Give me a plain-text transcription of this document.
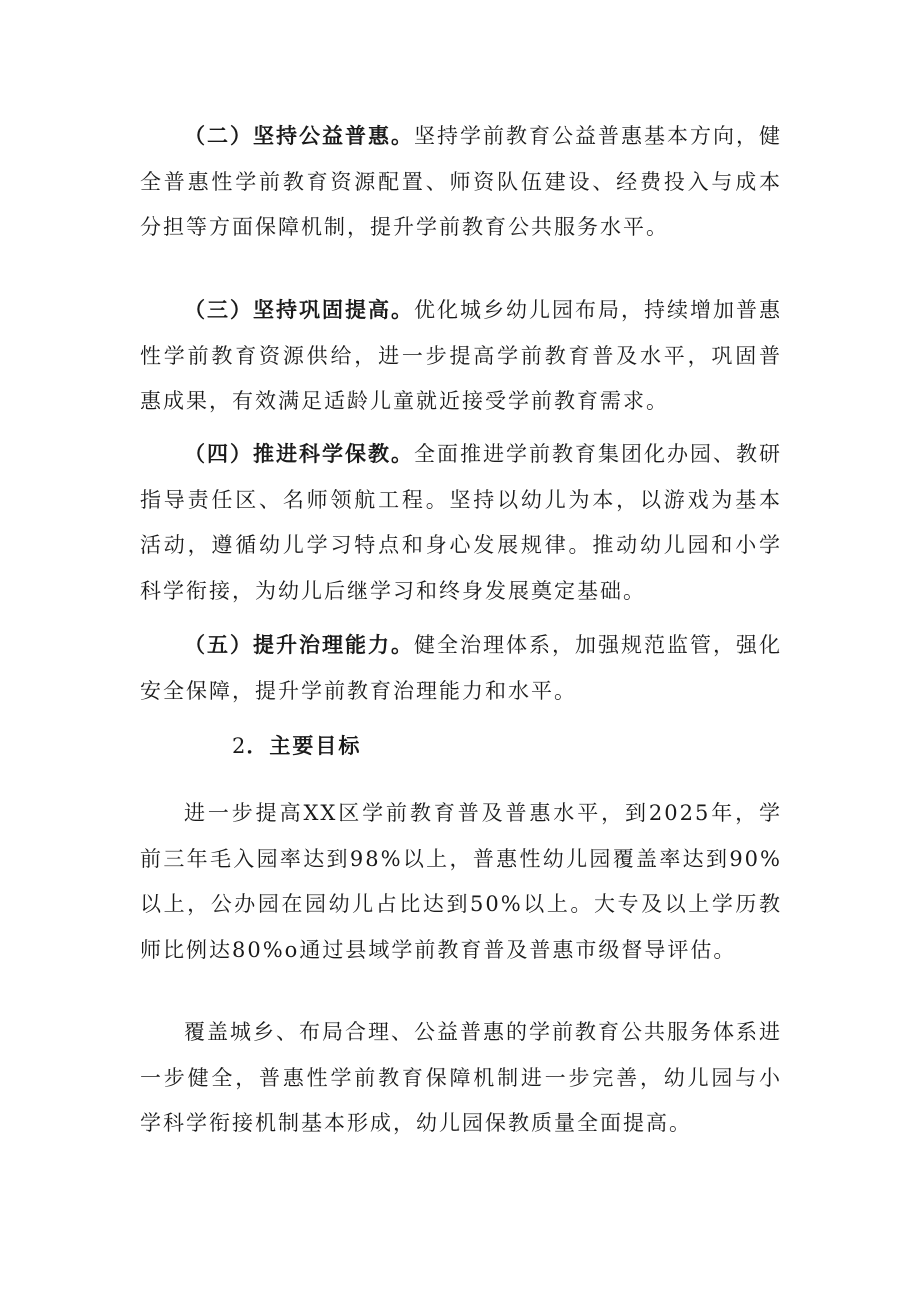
（二）坚持公益普惠。坚持学前教育公益普惠基本方向，健全普惠性学前教育资源配置、师资队伍建设、经费投入与成本分担等方面保障机制，提升学前教育公共服务水平。

（三）坚持巩固提高。优化城乡幼儿园布局，持续增加普惠性学前教育资源供给，进一步提高学前教育普及水平，巩固普惠成果，有效满足适龄儿童就近接受学前教育需求。

（四）推进科学保教。全面推进学前教育集团化办园、教研指导责任区、名师领航工程。坚持以幼儿为本，以游戏为基本活动，遵循幼儿学习特点和身心发展规律。推动幼儿园和小学科学衔接，为幼儿后继学习和终身发展奠定基础。

（五）提升治理能力。健全治理体系，加强规范监管，强化安全保障，提升学前教育治理能力和水平。

2．主要目标

进一步提高XX区学前教育普及普惠水平，到2025年，学前三年毛入园率达到98%以上，普惠性幼儿园覆盖率达到90%以上，公办园在园幼儿占比达到50%以上。大专及以上学历教师比例达80%o通过县域学前教育普及普惠市级督导评估。

覆盖城乡、布局合理、公益普惠的学前教育公共服务体系进一步健全，普惠性学前教育保障机制进一步完善，幼儿园与小学科学衔接机制基本形成，幼儿园保教质量全面提高。
